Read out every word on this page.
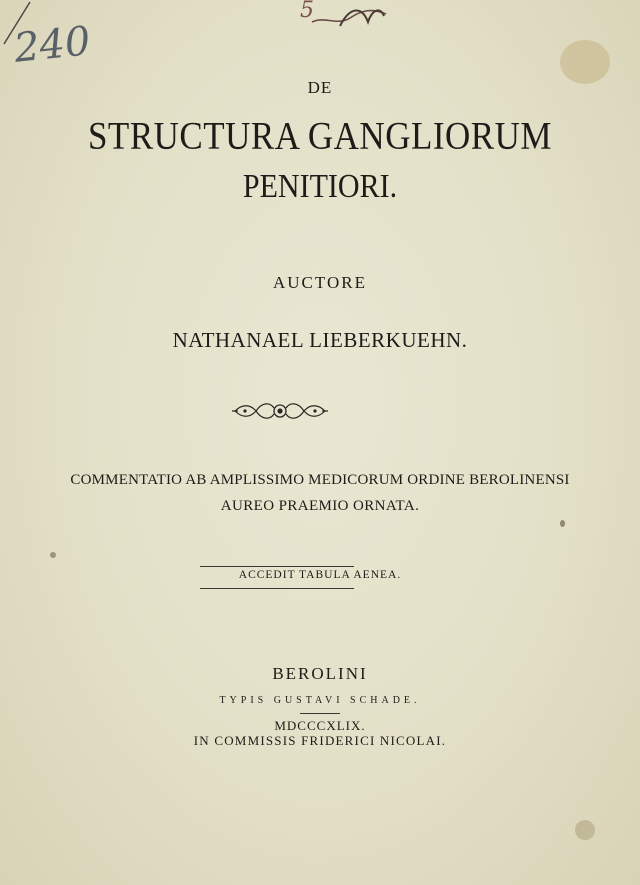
240
5
DE
STRUCTURA GANGLIORUM
PENITIORI.
AUCTORE
NATHANAEL LIEBERKUEHN.
COMMENTATIO AB AMPLISSIMO MEDICORUM ORDINE BEROLINENSI
AUREO PRAEMIO ORNATA.
ACCEDIT TABULA AENEA.
BEROLINI
TYPIS GUSTAVI SCHADE.
MDCCCXLIX.
IN COMMISSIS FRIDERICI NICOLAI.
